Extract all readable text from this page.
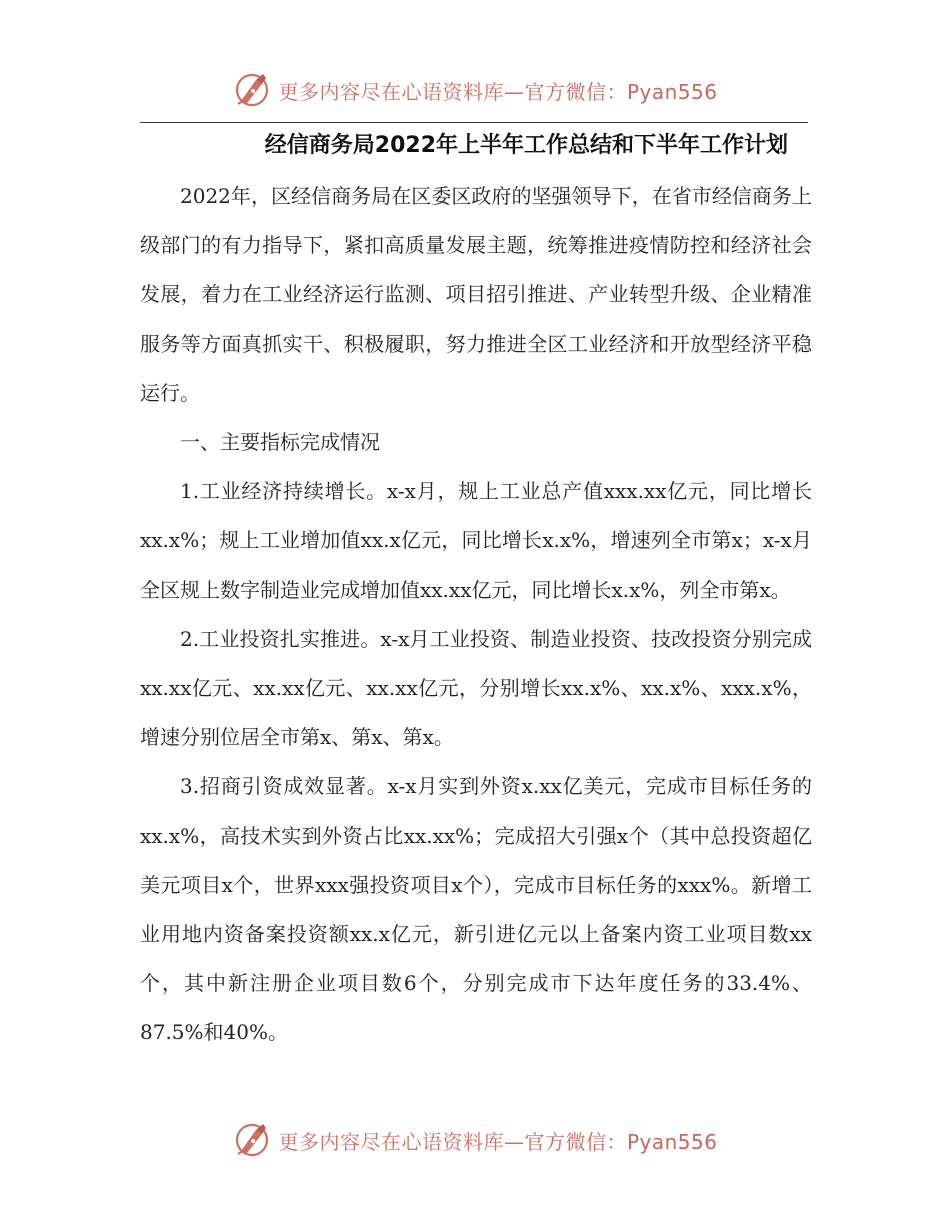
更多内容尽在心语资料库—官方微信：Pyan556
经信商务局2022年上半年工作总结和下半年工作计划

2022年，区经信商务局在区委区政府的坚强领导下，在省市经信商务上级部门的有力指导下，紧扣高质量发展主题，统筹推进疫情防控和经济社会发展，着力在工业经济运行监测、项目招引推进、产业转型升级、企业精准服务等方面真抓实干、积极履职，努力推进全区工业经济和开放型经济平稳运行。

一、主要指标完成情况

1.工业经济持续增长。x-x月，规上工业总产值xxx.xx亿元，同比增长xx.x%；规上工业增加值xx.x亿元，同比增长x.x%，增速列全市第x；x-x月全区规上数字制造业完成增加值xx.xx亿元，同比增长x.x%，列全市第x。

2.工业投资扎实推进。x-x月工业投资、制造业投资、技改投资分别完成xx.xx亿元、xx.xx亿元、xx.xx亿元，分别增长xx.x%、xx.x%、xxx.x%，增速分别位居全市第x、第x、第x。

3.招商引资成效显著。x-x月实到外资x.xx亿美元，完成市目标任务的xx.x%，高技术实到外资占比xx.xx%；完成招大引强x个（其中总投资超亿美元项目x个，世界xxx强投资项目x个），完成市目标任务的xxx%。新增工业用地内资备案投资额xx.x亿元，新引进亿元以上备案内资工业项目数xx个，其中新注册企业项目数6个，分别完成市下达年度任务的33.4%、87.5%和40%。

更多内容尽在心语资料库—官方微信：Pyan556
